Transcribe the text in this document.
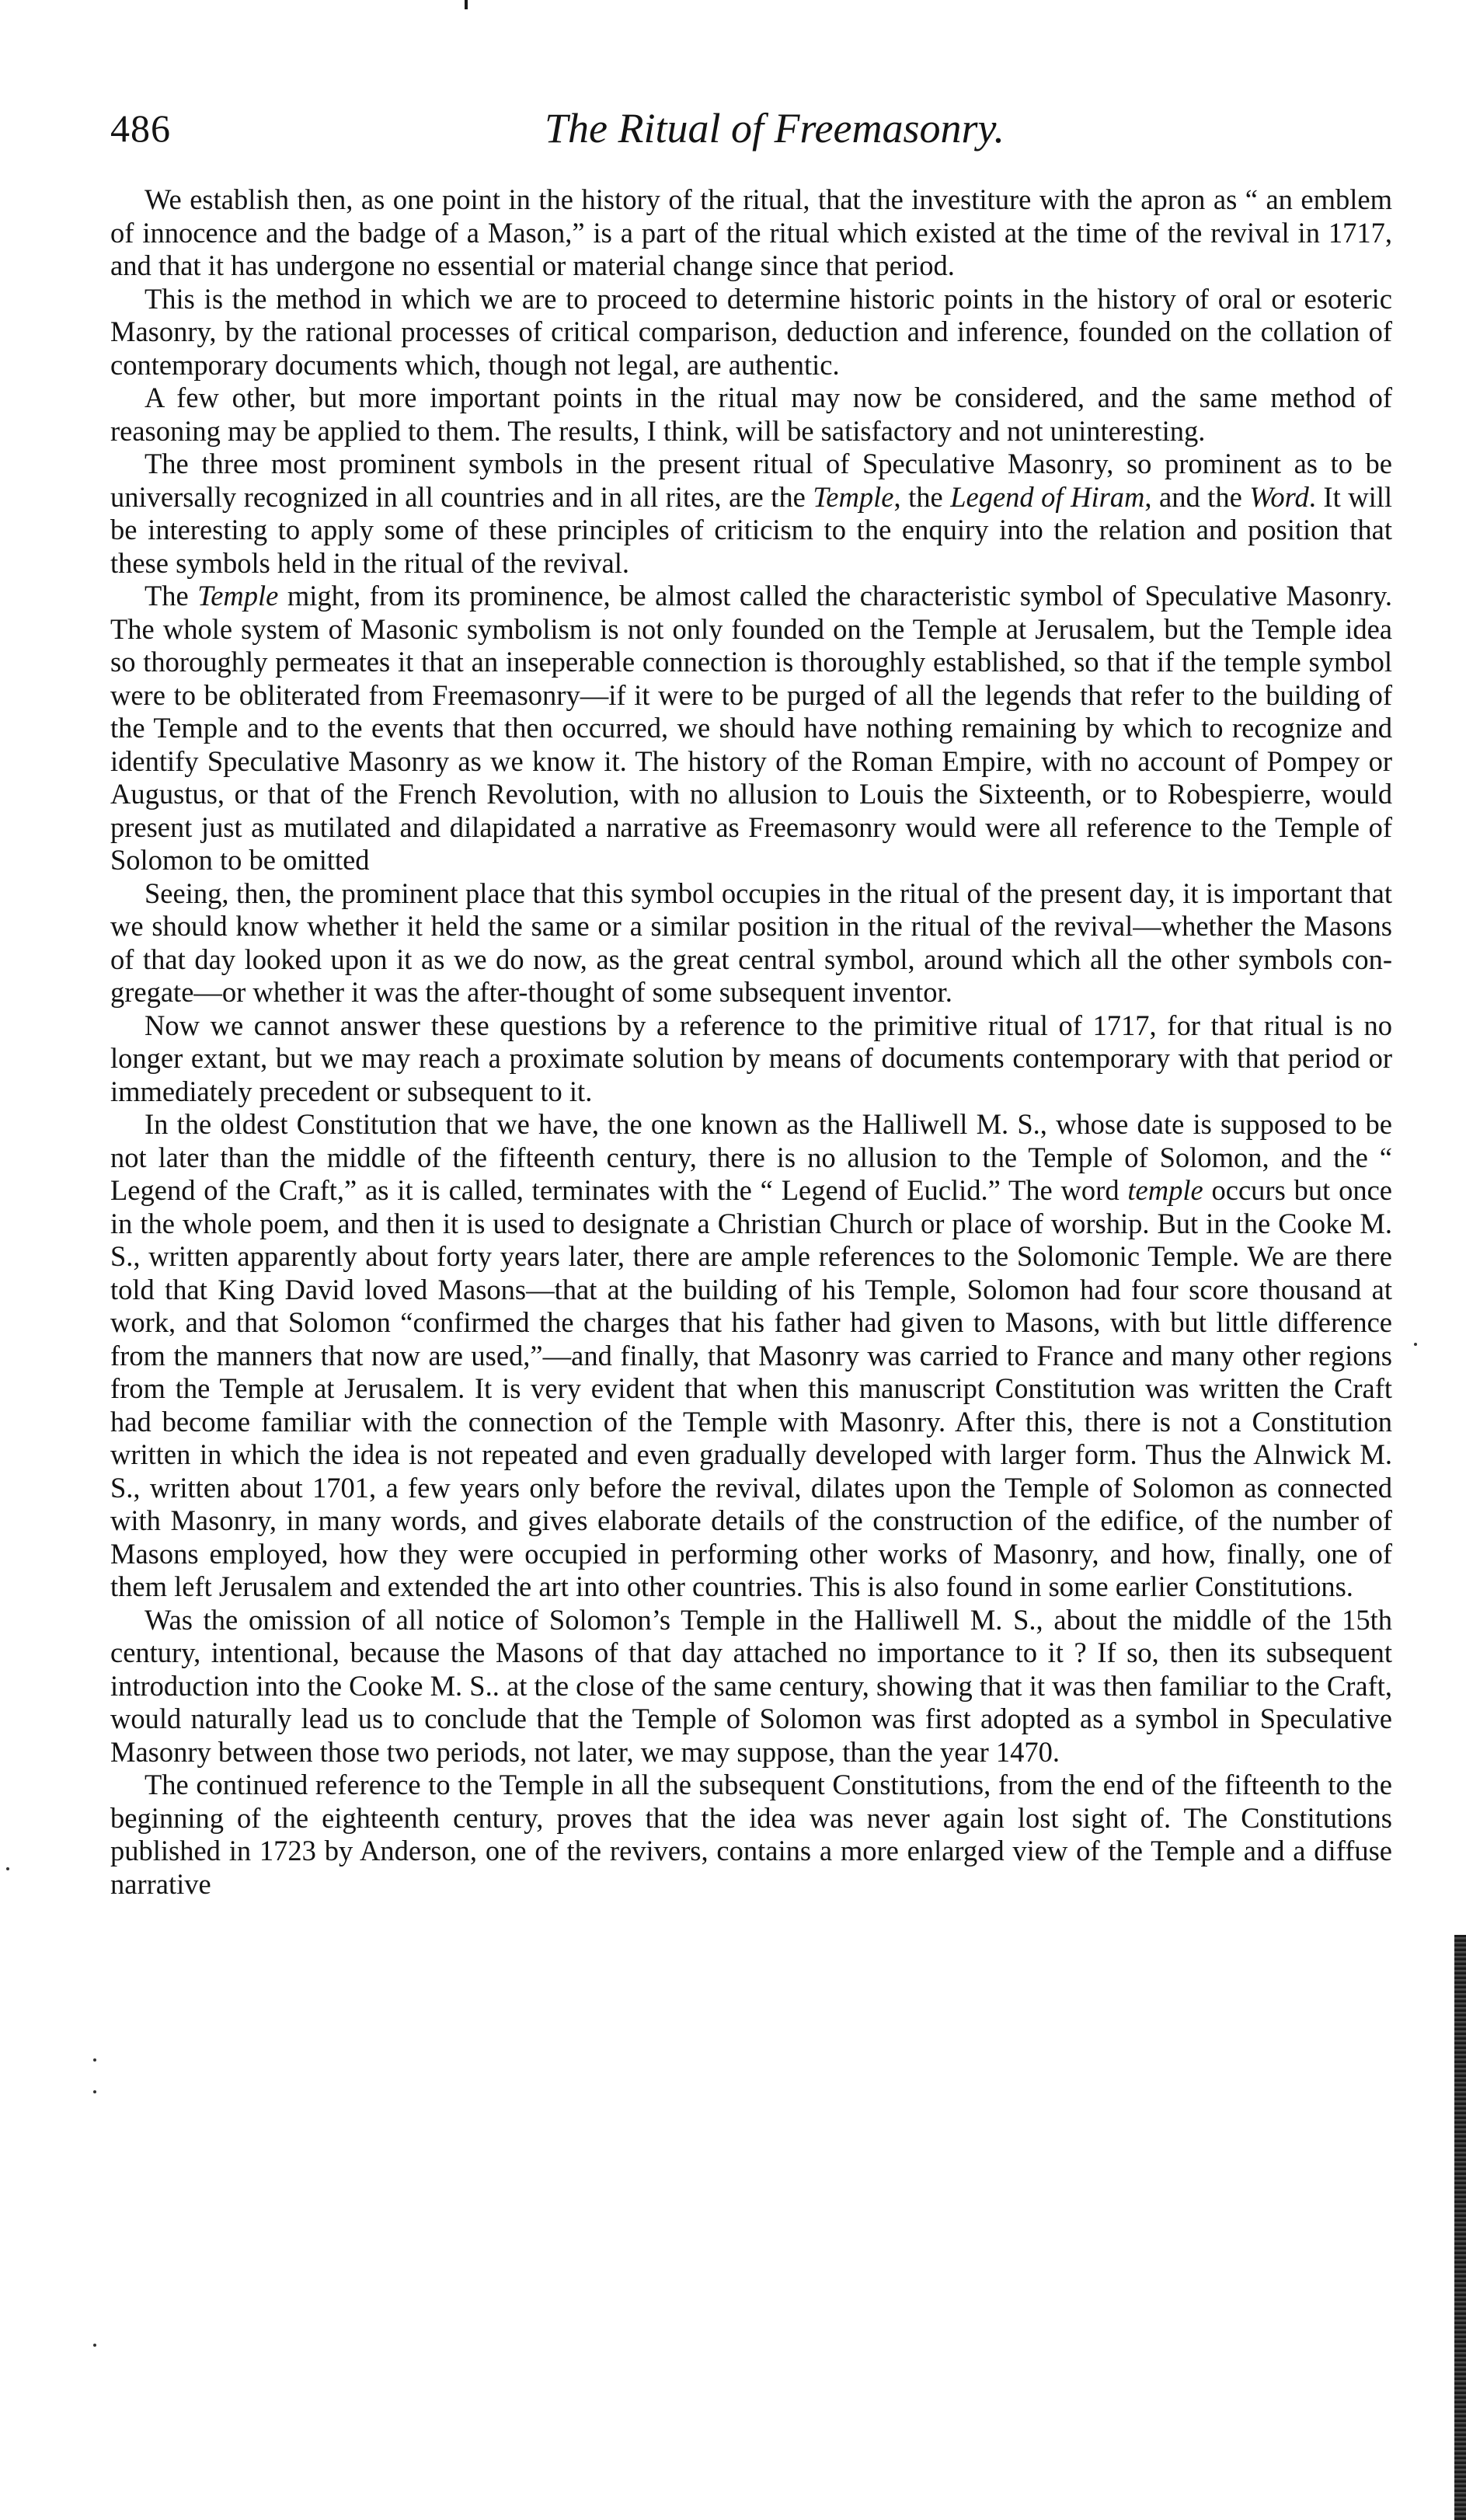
486	The Ritual of Freemasonry.

We establish then, as one point in the history of the ritual, that the investiture with the apron as “ an emblem of innocence and the badge of a Mason,” is a part of the ritual which existed at the time of the revival in 1717, and that it has undergone no essential or material change since that period.

This is the method in which we are to proceed to determine historic points in the history of oral or esoteric Masonry, by the rational processes of critical comparison, deduction and inference, founded on the collation of contemporary documents which, though not legal, are authentic.

A few other, but more important points in the ritual may now be considered, and the same method of reasoning may be applied to them. The results, I think, will be satisfactory and not uninteresting.

The three most prominent symbols in the present ritual of Speculative Masonry, so prominent as to be universally recognized in all countries and in all rites, are the Temple, the Legend of Hiram, and the Word. It will be interesting to apply some of these principles of criticism to the enquiry into the relation and position that these symbols held in the ritual of the revival.

The Temple might, from its prominence, be almost called the characteristic symbol of Speculative Masonry. The whole system of Masonic symbolism is not only founded on the Temple at Jerusalem, but the Temple idea so thoroughly permeates it that an inseperable connection is thoroughly established, so that if the temple symbol were to be obliterated from Freemasonry—if it were to be purged of all the legends that refer to the building of the Temple and to the events that then occurred, we should have nothing remaining by which to recognize and identify Speculative Masonry as we know it. The history of the Roman Empire, with no account of Pompey or Augustus, or that of the French Revolution, with no allusion to Louis the Sixteenth, or to Robespierre, would present just as mutilated and dilapidated a narrative as Freemasonry would were all reference to the Temple of Solomon to be omitted

Seeing, then, the prominent place that this symbol occupies in the ritual of the present day, it is important that we should know whether it held the same or a similar position in the ritual of the revival—whether the Masons of that day looked upon it as we do now, as the great central symbol, around which all the other symbols congregate—or whether it was the after-thought of some subsequent inventor.

Now we cannot answer these questions by a reference to the primitive ritual of 1717, for that ritual is no longer extant, but we may reach a proximate solution by means of documents contemporary with that period or immediately precedent or subsequent to it.

In the oldest Constitution that we have, the one known as the Halliwell M. S., whose date is supposed to be not later than the middle of the fifteenth century, there is no allusion to the Temple of Solomon, and the “ Legend of the Craft,” as it is called, terminates with the “ Legend of Euclid.” The word temple occurs but once in the whole poem, and then it is used to designate a Christian Church or place of worship. But in the Cooke M. S., written apparently about forty years later, there are ample references to the Solomonic Temple. We are there told that King David loved Masons—that at the building of his Temple, Solomon had four score thousand at work, and that Solomon “confirmed the charges that his father had given to Masons, with but little difference from the manners that now are used,”—and finally, that Masonry was carried to France and many other regions from the Temple at Jerusalem. It is very evident that when this manuscript Constitution was written the Craft had become familiar with the connection of the Temple with Masonry. After this, there is not a Constitution written in which the idea is not repeated and even gradually developed with larger form. Thus the Alnwick M. S., written about 1701, a few years only before the revival, dilates upon the Temple of Solomon as connected with Masonry, in many words, and gives elaborate details of the construction of the edifice, of the number of Masons employed, how they were occupied in performing other works of Masonry, and how, finally, one of them left Jerusalem and extended the art into other countries. This is also found in some earlier Constitutions.

Was the omission of all notice of Solomon’s Temple in the Halliwell M. S., about the middle of the 15th century, intentional, because the Masons of that day attached no importance to it ? If so, then its subsequent introduction into the Cooke M. S.. at the close of the same century, showing that it was then familiar to the Craft, would naturally lead us to conclude that the Temple of Solomon was first adopted as a symbol in Speculative Masonry between those two periods, not later, we may suppose, than the year 1470.

The continued reference to the Temple in all the subsequent Constitutions, from the end of the fifteenth to the beginning of the eighteenth century, proves that the idea was never again lost sight of. The Constitutions published in 1723 by Anderson, one of the revivers, contains a more enlarged view of the Temple and a diffuse narrative
